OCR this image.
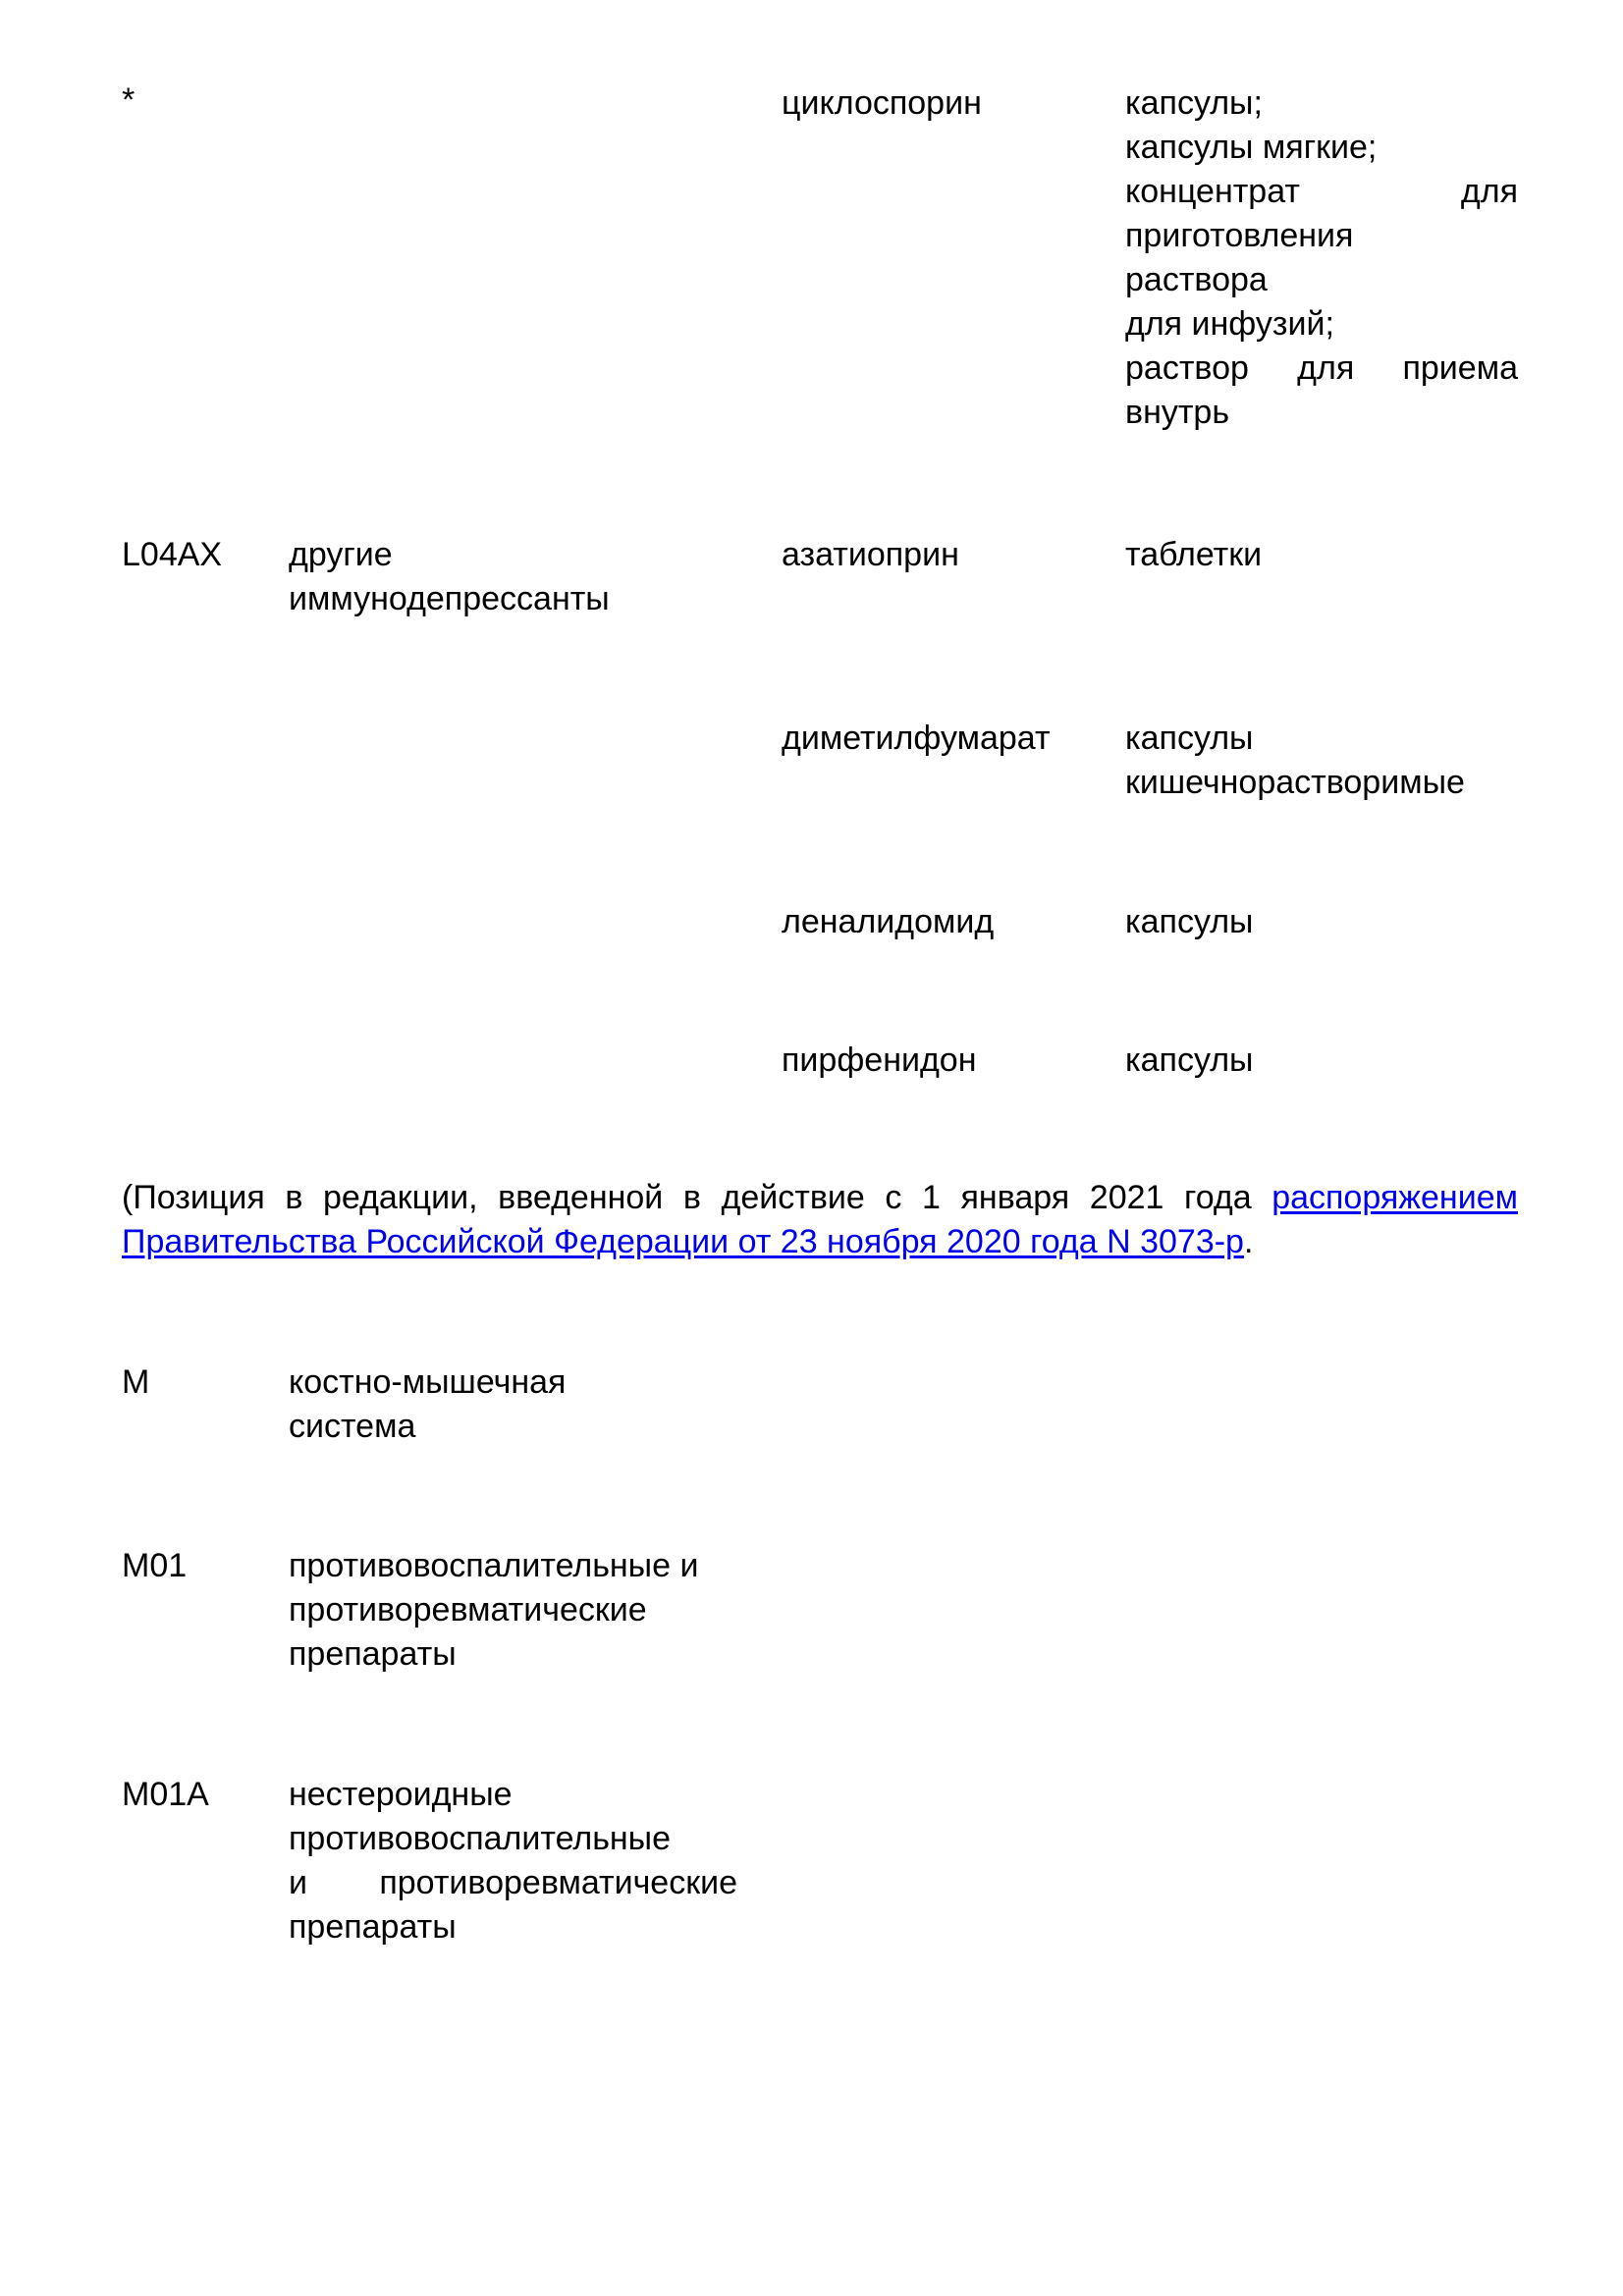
*	циклоспорин	капсулы;
капсулы мягкие;
концентрат для
приготовления
раствора
для инфузий;
раствор для приема
внутрь
L04AX другие
иммунодепрессанты
азатиоприн	таблетки
диметилфумарат капсулы
кишечнорастворимые
леналидомид	капсулы
пирфенидон	капсулы
(Позиция в редакции, введенной в действие с 1 января 2021 года распоряжением Правительства Российской Федерации от 23 ноября 2020 года N 3073-р.
M	костно-мышечная
система
M01	противовоспалительные и
противоревматические
препараты
M01A нестероидные
противовоспалительные
и противоревматические
препараты
